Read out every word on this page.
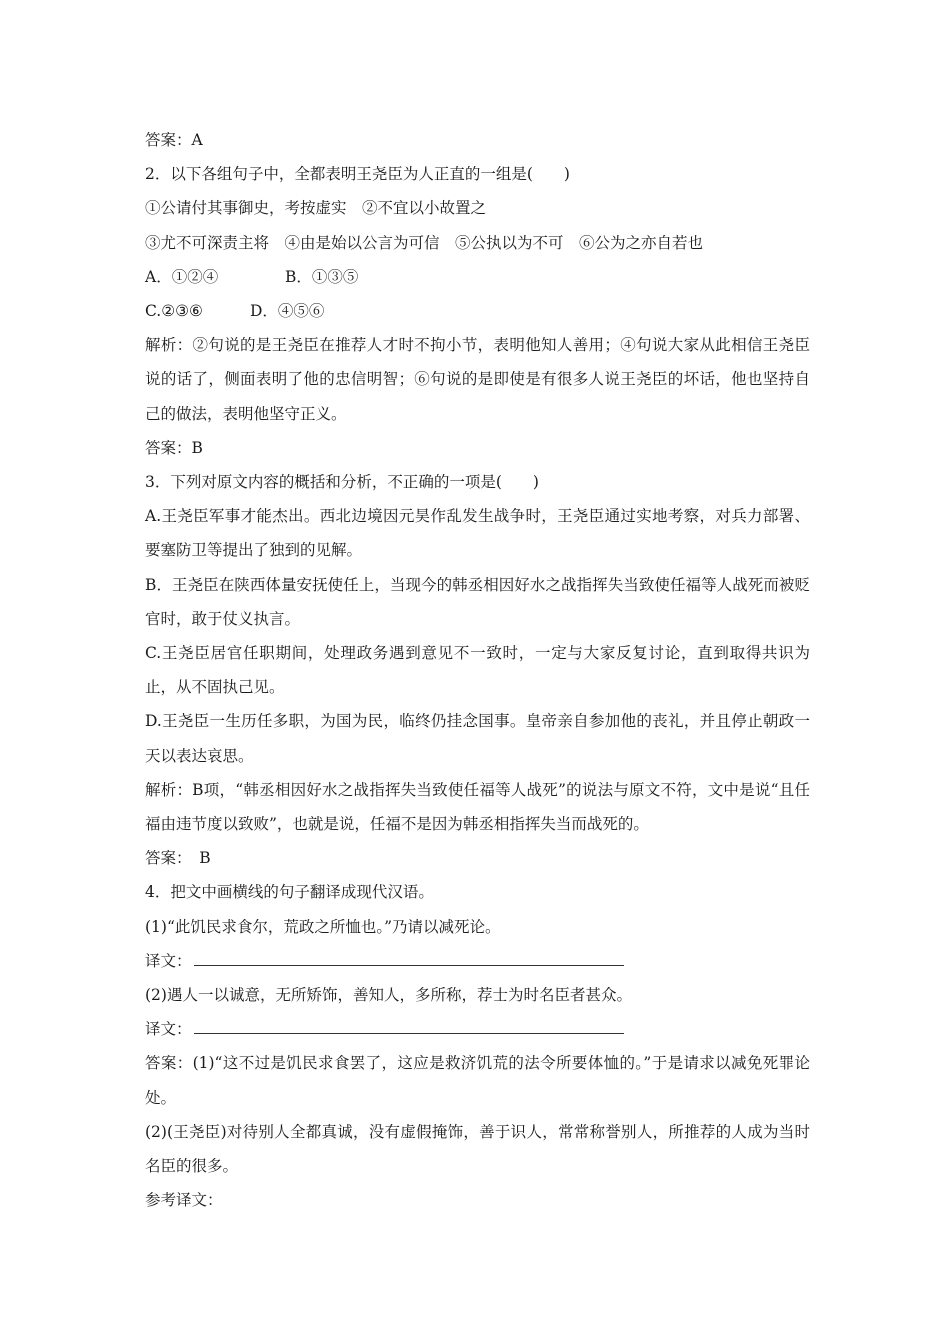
答案：A
2．以下各组句子中，全都表明王尧臣为人正直的一组是(　　)
①公请付其事御史，考按虚实　②不宜以小故置之
③尤不可深责主将　④由是始以公言为可信　⑤公执以为不可　⑥公为之亦自若也
A．①②④	B．①③⑤
C.②③⑥	D．④⑤⑥
解析：②句说的是王尧臣在推荐人才时不拘小节，表明他知人善用；④句说大家从此相信王尧臣说的话了，侧面表明了他的忠信明智；⑥句说的是即使是有很多人说王尧臣的坏话，他也坚持自己的做法，表明他坚守正义。
答案：B
3．下列对原文内容的概括和分析，不正确的一项是(　　)
A.王尧臣军事才能杰出。西北边境因元昊作乱发生战争时，王尧臣通过实地考察，对兵力部署、要塞防卫等提出了独到的见解。
B．王尧臣在陕西体量安抚使任上，当现今的韩丞相因好水之战指挥失当致使任福等人战死而被贬官时，敢于仗义执言。
C.王尧臣居官任职期间，处理政务遇到意见不一致时，一定与大家反复讨论，直到取得共识为止，从不固执己见。
D.王尧臣一生历任多职，为国为民，临终仍挂念国事。皇帝亲自参加他的丧礼，并且停止朝政一天以表达哀思。
解析：B项，“韩丞相因好水之战指挥失当致使任福等人战死”的说法与原文不符，文中是说“且任福由违节度以致败”，也就是说，任福不是因为韩丞相指挥失当而战死的。
答案：　B
4．把文中画横线的句子翻译成现代汉语。
(1)“此饥民求食尔，荒政之所恤也。”乃请以减死论。
译文：
(2)遇人一以诚意，无所矫饰，善知人，多所称，荐士为时名臣者甚众。
译文：
答案：(1)“这不过是饥民求食罢了，这应是救济饥荒的法令所要体恤的。”于是请求以减免死罪论处。
(2)(王尧臣)对待别人全都真诚，没有虚假掩饰，善于识人，常常称誉别人，所推荐的人成为当时名臣的很多。
参考译文：
